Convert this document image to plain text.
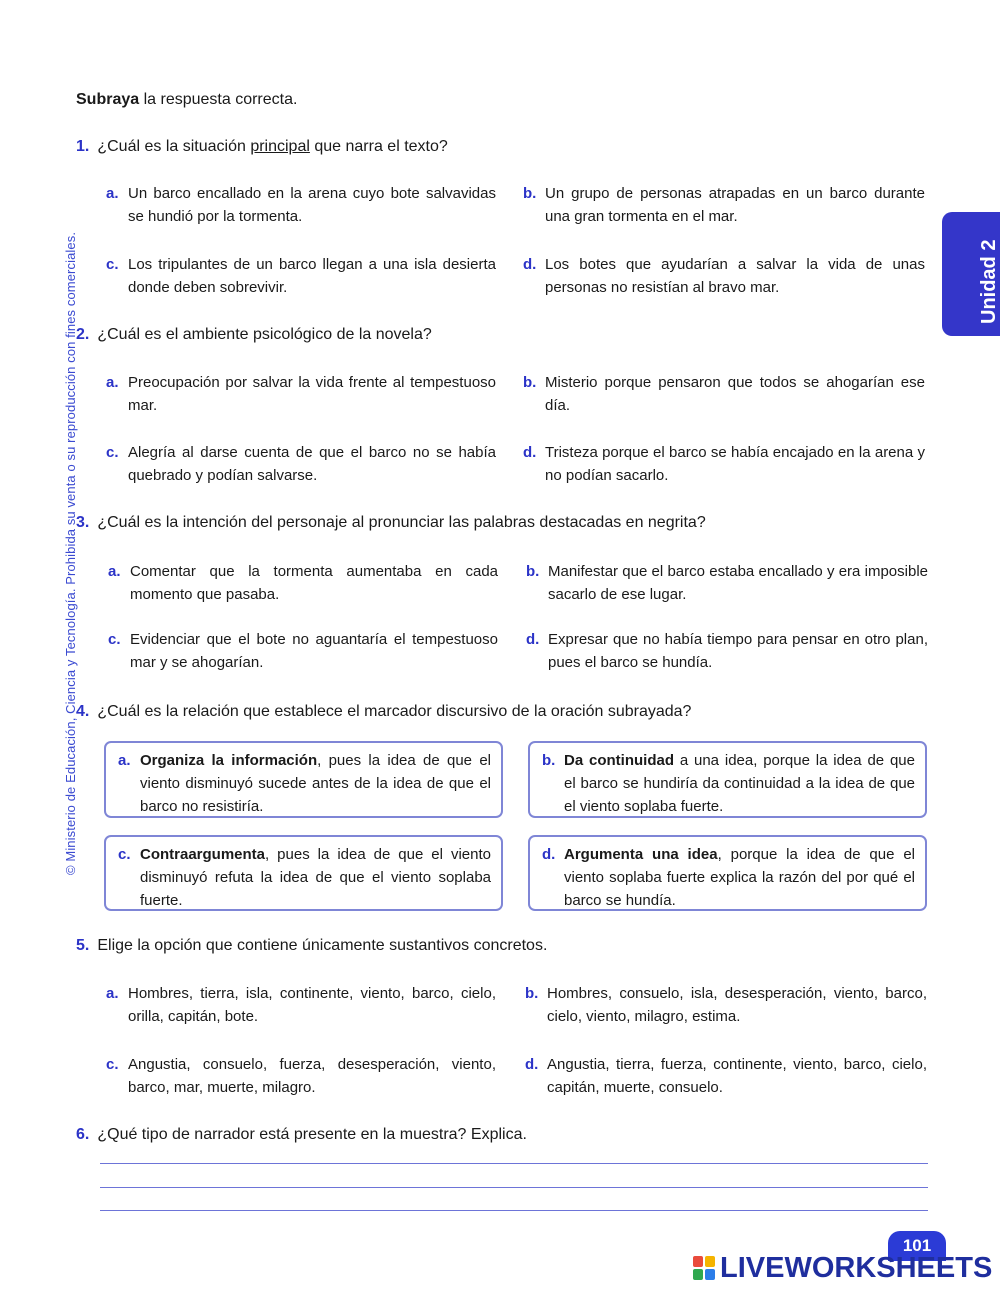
© Ministerio de Educación, Ciencia y Tecnología. Prohibida su venta o su reproducción con fines comerciales.	Unidad 2
Subraya la respuesta correcta.
1. ¿Cuál es la situación principal que narra el texto?
a. Un barco encallado en la arena cuyo bote salvavidas se hundió por la tormenta.
b. Un grupo de personas atrapadas en un barco durante una gran tormenta en el mar.
c. Los tripulantes de un barco llegan a una isla desierta donde deben sobrevivir.
d. Los botes que ayudarían a salvar la vida de unas personas no resistían al bravo mar.
2. ¿Cuál es el ambiente psicológico de la novela?
a. Preocupación por salvar la vida frente al tempestuoso mar.
b. Misterio porque pensaron que todos se ahogarían ese día.
c. Alegría al darse cuenta de que el barco no se había quebrado y podían salvarse.
d. Tristeza porque el barco se había encajado en la arena y no podían sacarlo.
3. ¿Cuál es la intención del personaje al pronunciar las palabras destacadas en negrita?
a. Comentar que la tormenta aumentaba en cada momento que pasaba.
b. Manifestar que el barco estaba encallado y era imposible sacarlo de ese lugar.
c. Evidenciar que el bote no aguantaría el tempestuoso mar y se ahogarían.
d. Expresar que no había tiempo para pensar en otro plan, pues el barco se hundía.
4. ¿Cuál es la relación que establece el marcador discursivo de la oración subrayada?
a. Organiza la información, pues la idea de que el viento disminuyó sucede antes de la idea de que el barco no resistiría.
b. Da continuidad a una idea, porque la idea de que el barco se hundiría da continuidad a la idea de que el viento soplaba fuerte.
c. Contraargumenta, pues la idea de que el viento disminuyó refuta la idea de que el viento soplaba fuerte.
d. Argumenta una idea, porque la idea de que el viento soplaba fuerte explica la razón del por qué el barco se hundía.
5. Elige la opción que contiene únicamente sustantivos concretos.
a. Hombres, tierra, isla, continente, viento, barco, cielo, orilla, capitán, bote.
b. Hombres, consuelo, isla, desesperación, viento, barco, cielo, viento, milagro, estima.
c. Angustia, consuelo, fuerza, desesperación, viento, barco, mar, muerte, milagro.
d. Angustia, tierra, fuerza, continente, viento, barco, cielo, capitán, muerte, consuelo.
6. ¿Qué tipo de narrador está presente en la muestra? Explica.
101
LIVEWORKSHEETS
